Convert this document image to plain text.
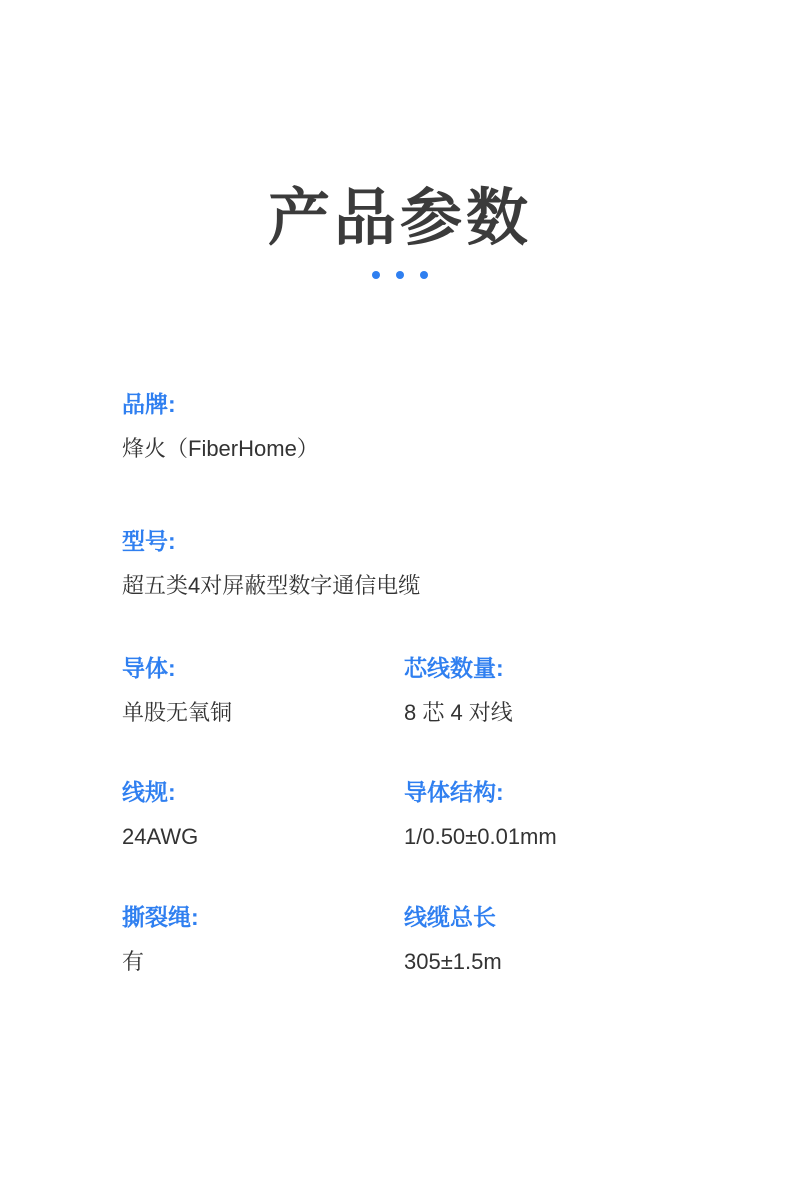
产品参数
品牌:
烽火（FiberHome）
型号:
超五类4对屏蔽型数字通信电缆
导体:
单股无氧铜
芯线数量:
8 芯 4 对线
线规:
24AWG
导体结构:
1/0.50±0.01mm
撕裂绳:
有
线缆总长
305±1.5m
